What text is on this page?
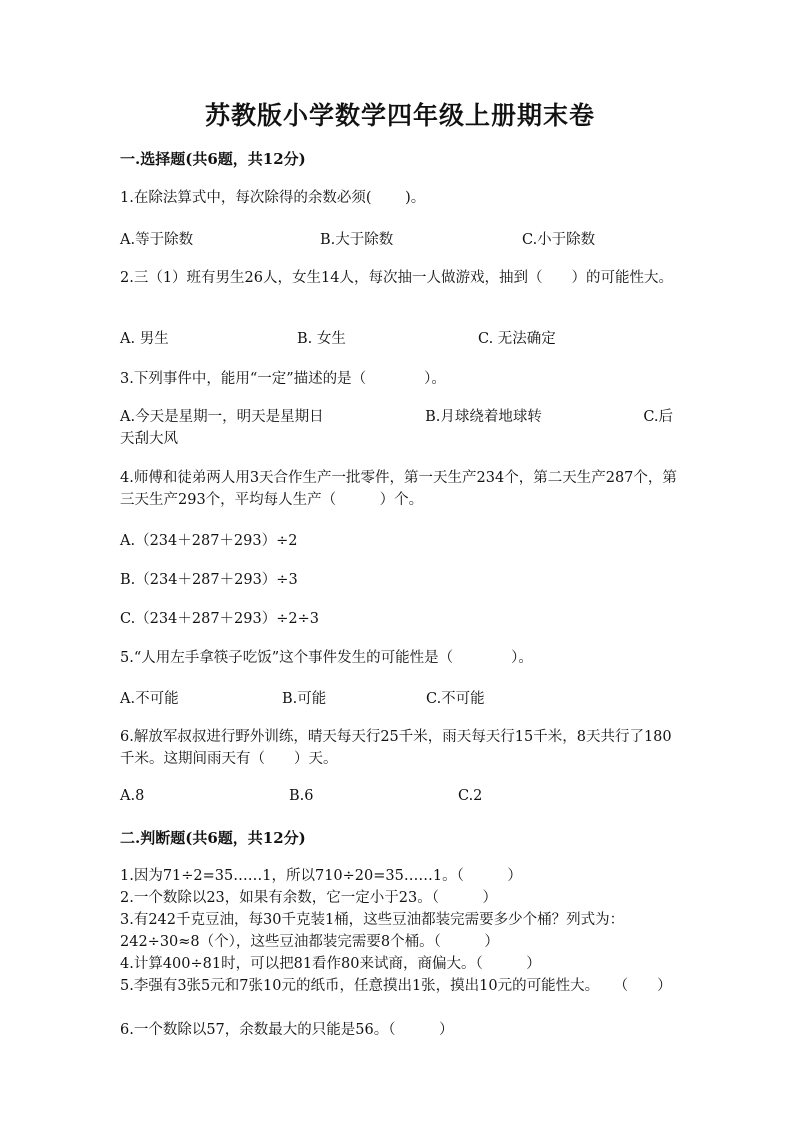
苏教版小学数学四年级上册期末卷
一.选择题(共6题，共12分)
1.在除法算式中，每次除得的余数必须(　　 )。
A.等于除数	B.大于除数	C.小于除数
2.三（1）班有男生26人，女生14人，每次抽一人做游戏，抽到（　　）的可能性大。
A. 男生	B. 女生	C. 无法确定
3.下列事件中，能用“一定”描述的是（　　　　）。
A.今天是星期一，明天是星期日　　　　　　　B.月球绕着地球转　　　　　　　C.后天刮大风
4.师傅和徒弟两人用3天合作生产一批零件，第一天生产234个，第二天生产287个，第三天生产293个，平均每人生产（　　　）个。
A.（234＋287＋293）÷2
B.（234＋287＋293）÷3
C.（234＋287＋293）÷2÷3
5.“人用左手拿筷子吃饭”这个事件发生的可能性是（　　　　）。
A.不可能	B.可能	C.不可能
6.解放军叔叔进行野外训练，晴天每天行25千米，雨天每天行15千米，8天共行了180千米。这期间雨天有（　　）天。
A.8	B.6	C.2
二.判断题(共6题，共12分)
1.因为71÷2=35……1，所以710÷20=35……1。（　　　）
2.一个数除以23，如果有余数，它一定小于23。（　　　）
3.有242千克豆油，每30千克装1桶，这些豆油都装完需要多少个桶？列式为：242÷30≈8（个），这些豆油都装完需要8个桶。（　　　）
4.计算400÷81时，可以把81看作80来试商，商偏大。（　　　）
5.李强有3张5元和7张10元的纸币，任意摸出1张，摸出10元的可能性大。　　（　　）
6.一个数除以57，余数最大的只能是56。（　　　）
